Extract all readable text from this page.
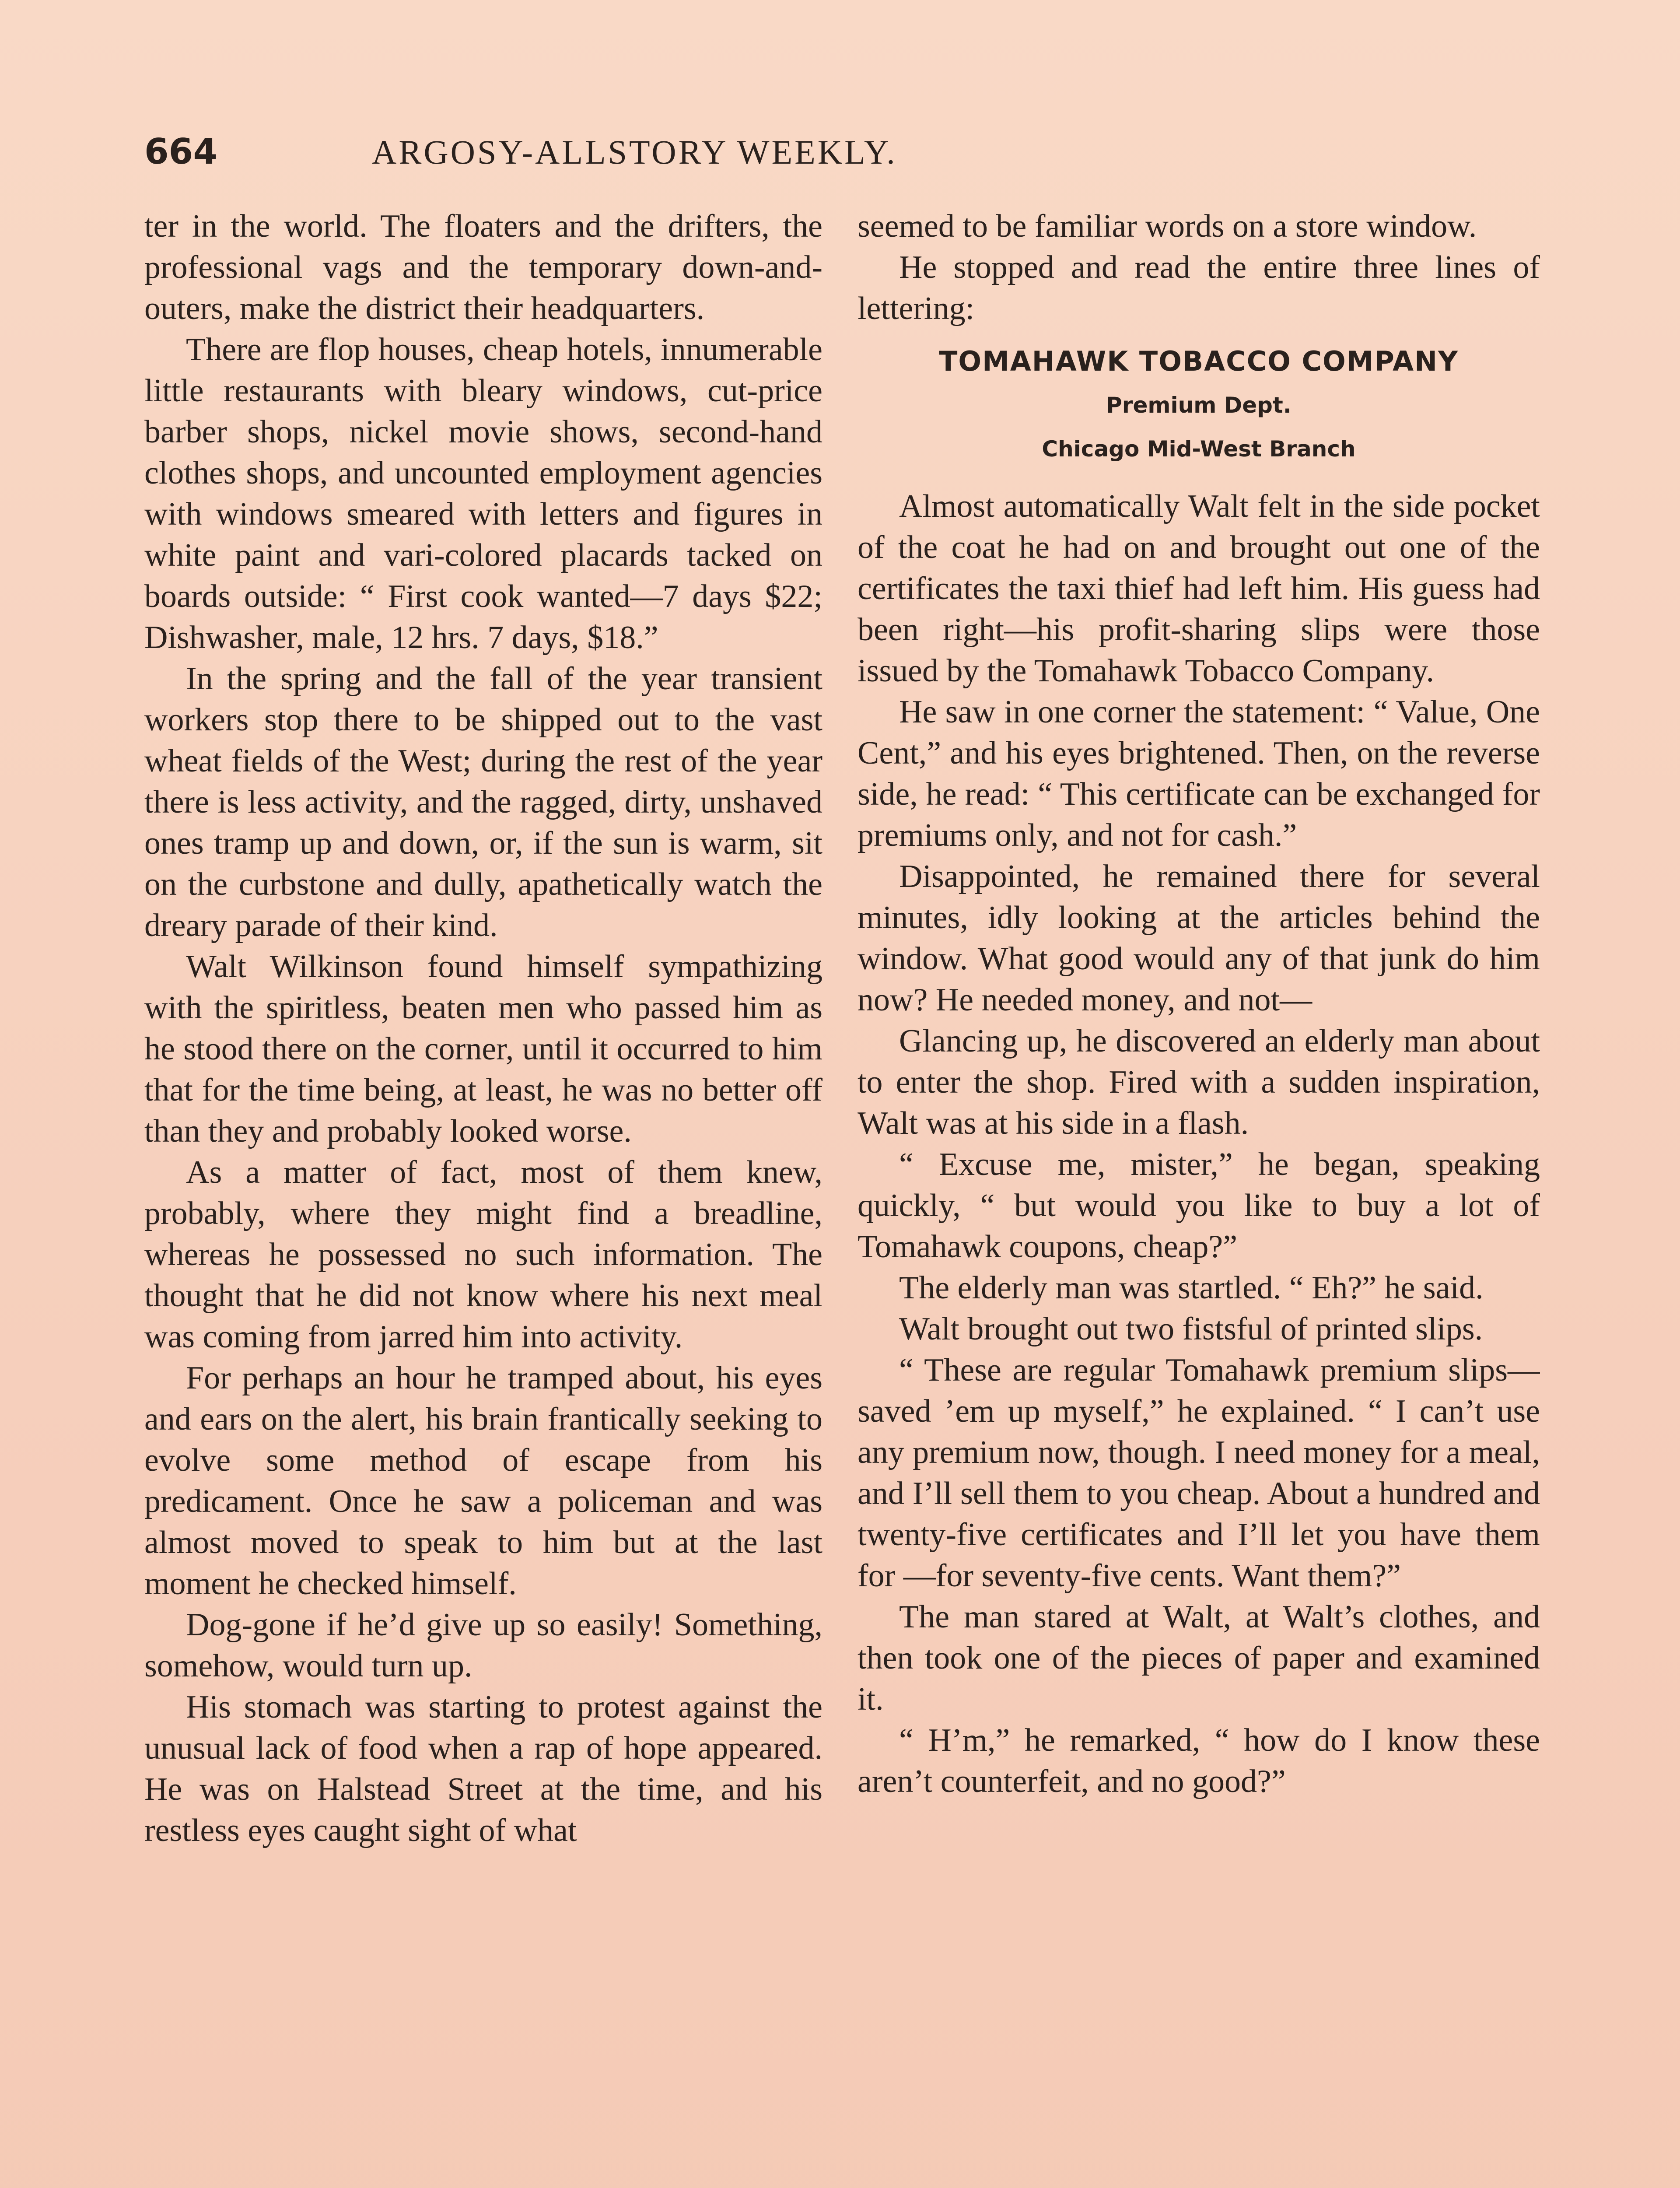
664	ARGOSY-ALLSTORY WEEKLY.

ter in the world. The floaters and the drifters, the professional vags and the temporary down-and-outers, make the district their headquarters.

There are flop houses, cheap hotels, innumerable little restaurants with bleary windows, cut-price barber shops, nickel movie shows, second-hand clothes shops, and uncounted employment agencies with windows smeared with letters and figures in white paint and vari-colored placards tacked on boards outside: “ First cook wanted—7 days $22; Dishwasher, male, 12 hrs. 7 days, $18.”

In the spring and the fall of the year transient workers stop there to be shipped out to the vast wheat fields of the West; during the rest of the year there is less activity, and the ragged, dirty, unshaved ones tramp up and down, or, if the sun is warm, sit on the curbstone and dully, apathetically watch the dreary parade of their kind.

Walt Wilkinson found himself sympathizing with the spiritless, beaten men who passed him as he stood there on the corner, until it occurred to him that for the time being, at least, he was no better off than they and probably looked worse.

As a matter of fact, most of them knew, probably, where they might find a breadline, whereas he possessed no such information. The thought that he did not know where his next meal was coming from jarred him into activity.

For perhaps an hour he tramped about, his eyes and ears on the alert, his brain frantically seeking to evolve some method of escape from his predicament. Once he saw a policeman and was almost moved to speak to him but at the last moment he checked himself.

Dog-gone if he’d give up so easily! Something, somehow, would turn up.

His stomach was starting to protest against the unusual lack of food when a rap of hope appeared. He was on Halstead Street at the time, and his restless eyes caught sight of what

seemed to be familiar words on a store window.

He stopped and read the entire three lines of lettering:

TOMAHAWK TOBACCO COMPANY
Premium Dept.
Chicago Mid-West Branch

Almost automatically Walt felt in the side pocket of the coat he had on and brought out one of the certificates the taxi thief had left him. His guess had been right—his profit-sharing slips were those issued by the Tomahawk Tobacco Company.

He saw in one corner the statement: “ Value, One Cent,” and his eyes brightened. Then, on the reverse side, he read: “ This certificate can be exchanged for premiums only, and not for cash.”

Disappointed, he remained there for several minutes, idly looking at the articles behind the window. What good would any of that junk do him now? He needed money, and not—

Glancing up, he discovered an elderly man about to enter the shop. Fired with a sudden inspiration, Walt was at his side in a flash.

“ Excuse me, mister,” he began, speaking quickly, “ but would you like to buy a lot of Tomahawk coupons, cheap?”

The elderly man was startled. “ Eh?” he said.

Walt brought out two fistsful of printed slips.

“ These are regular Tomahawk premium slips—saved ’em up myself,” he explained. “ I can’t use any premium now, though. I need money for a meal, and I’ll sell them to you cheap. About a hundred and twenty-five certificates and I’ll let you have them for —for seventy-five cents. Want them?”

The man stared at Walt, at Walt’s clothes, and then took one of the pieces of paper and examined it.

“ H’m,” he remarked, “ how do I know these aren’t counterfeit, and no good?”
